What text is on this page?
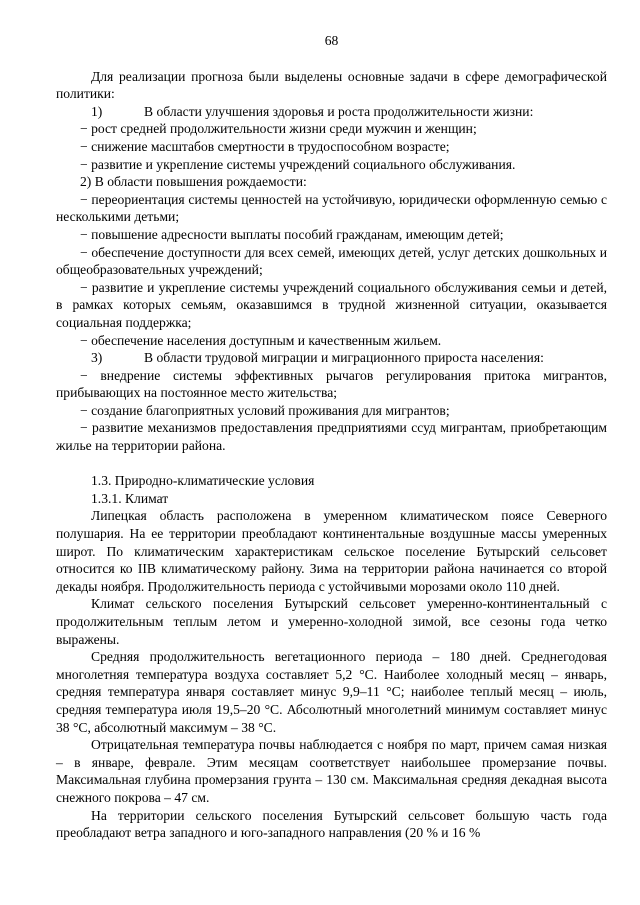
68

Для реализации прогноза были выделены основные задачи в сфере демографической политики:

1)	В области улучшения здоровья и роста продолжительности жизни:

− рост средней продолжительности жизни среди мужчин и женщин;

− снижение масштабов смертности в трудоспособном возрасте;

− развитие и укрепление системы учреждений социального обслуживания.

2) В области повышения рождаемости:

− переориентация системы ценностей на устойчивую, юридически оформленную семью с несколькими детьми;

− повышение адресности выплаты пособий гражданам, имеющим детей;

− обеспечение доступности для всех семей, имеющих детей, услуг детских дошкольных и общеобразовательных учреждений;

− развитие и укрепление системы учреждений социального обслуживания семьи и детей, в рамках которых семьям, оказавшимся в трудной жизненной ситуации, оказывается социальная поддержка;

− обеспечение населения доступным и качественным жильем.

3)	В области трудовой миграции и миграционного прироста населения:

− внедрение системы эффективных рычагов регулирования притока мигрантов, прибывающих на постоянное место жительства;

− создание благоприятных условий проживания для мигрантов;

− развитие механизмов предоставления предприятиями ссуд мигрантам, приобретающим жилье на территории района.

1.3. Природно-климатические условия

1.3.1. Климат

Липецкая область расположена в умеренном климатическом поясе Северного полушария. На ее территории преобладают континентальные воздушные массы умеренных широт. По климатическим характеристикам сельское поселение Бутырский сельсовет относится ко IIВ климатическому району. Зима на территории района начинается со второй декады ноября. Продолжительность периода с устойчивыми морозами около 110 дней.

Климат сельского поселения Бутырский сельсовет умеренно-континентальный с продолжительным теплым летом и умеренно-холодной зимой, все сезоны года четко выражены.

Средняя продолжительность вегетационного периода – 180 дней. Среднегодовая многолетняя температура воздуха составляет 5,2 °С. Наиболее холодный месяц – январь, средняя температура января составляет минус 9,9–11 °С; наиболее теплый месяц – июль, средняя температура июля 19,5–20 °С. Абсолютный многолетний минимум составляет минус 38 °С, абсолютный максимум – 38 °С.

Отрицательная температура почвы наблюдается с ноября по март, причем самая низкая – в январе, феврале. Этим месяцам соответствует наибольшее промерзание почвы. Максимальная глубина промерзания грунта – 130 см. Максимальная средняя декадная высота снежного покрова – 47 см.

На территории сельского поселения Бутырский сельсовет большую часть года преобладают ветра западного и юго-западного направления (20 % и 16 %
